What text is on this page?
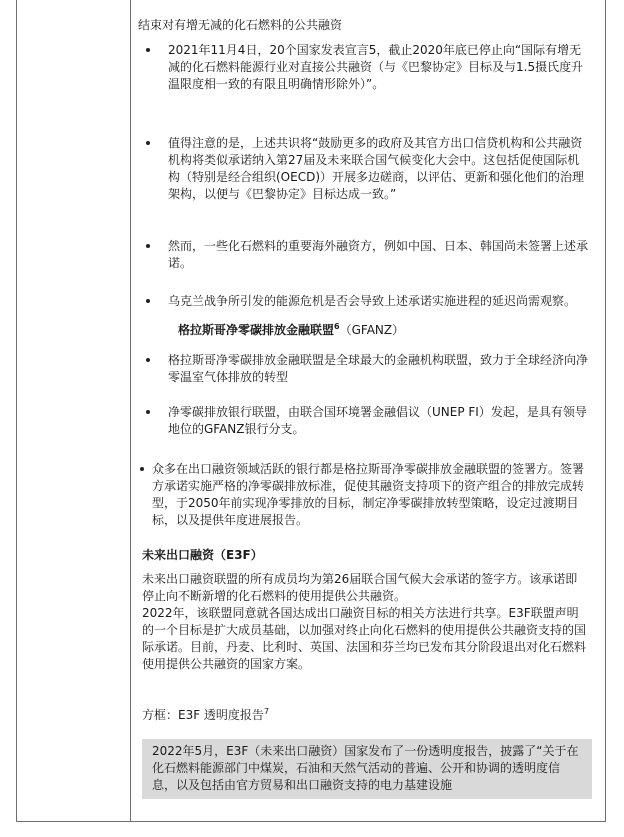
结束对有增无减的化石燃料的公共融资
2021年11月4日，20个国家发表宣言5，截止2020年底已停止向“国际有增无减的化石燃料能源行业对直接公共融资（与《巴黎协定》目标及与1.5摄氏度升温限度相一致的有限且明确情形除外）”。
值得注意的是，上述共识将“鼓励更多的政府及其官方出口信贷机构和公共融资机构将类似承诺纳入第27届及未来联合国气候变化大会中。这包括促使国际机构（特别是经合组织(OECD)）开展多边磋商，以评估、更新和强化他们的治理架构，以便与《巴黎协定》目标达成一致。”
然而，一些化石燃料的重要海外融资方，例如中国、日本、韩国尚未签署上述承诺。
乌克兰战争所引发的能源危机是否会导致上述承诺实施进程的延迟尚需观察。
格拉斯哥净零碳排放金融联盟$^6$（GFANZ）
格拉斯哥净零碳排放金融联盟是全球最大的金融机构联盟，致力于全球经济向净零温室气体排放的转型
净零碳排放银行联盟，由联合国环境署金融倡议（UNEP FI）发起，是具有领导地位的GFANZ银行分支。
众多在出口融资领域活跃的银行都是格拉斯哥净零碳排放金融联盟的签署方。签署方承诺实施严格的净零碳排放标准，促使其融资支持项下的资产组合的排放完成转型，于2050年前实现净零排放的目标，制定净零碳排放转型策略，设定过渡期目标，以及提供年度进展报告。
未来出口融资（E3F）
未来出口融资联盟的所有成员均为第26届联合国气候大会承诺的签字方。该承诺即停止向不断新增的化石燃料的使用提供公共融资。
2022年，该联盟同意就各国达成出口融资目标的相关方法进行共享。E3F联盟声明的一个目标是扩大成员基础，以加强对终止向化石燃料的使用提供公共融资支持的国际承诺。目前，丹麦、比利时、英国、法国和芬兰均已发布其分阶段退出对化石燃料使用提供公共融资的国家方案。
方框：E3F 透明度报告$^7$
2022年5月，E3F（未来出口融资）国家发布了一份透明度报告，披露了“关于在化石燃料能源部门中煤炭，石油和天然气活动的普遍、公开和协调的透明度信息，以及包括由官方贸易和出口融资支持的电力基建设施
